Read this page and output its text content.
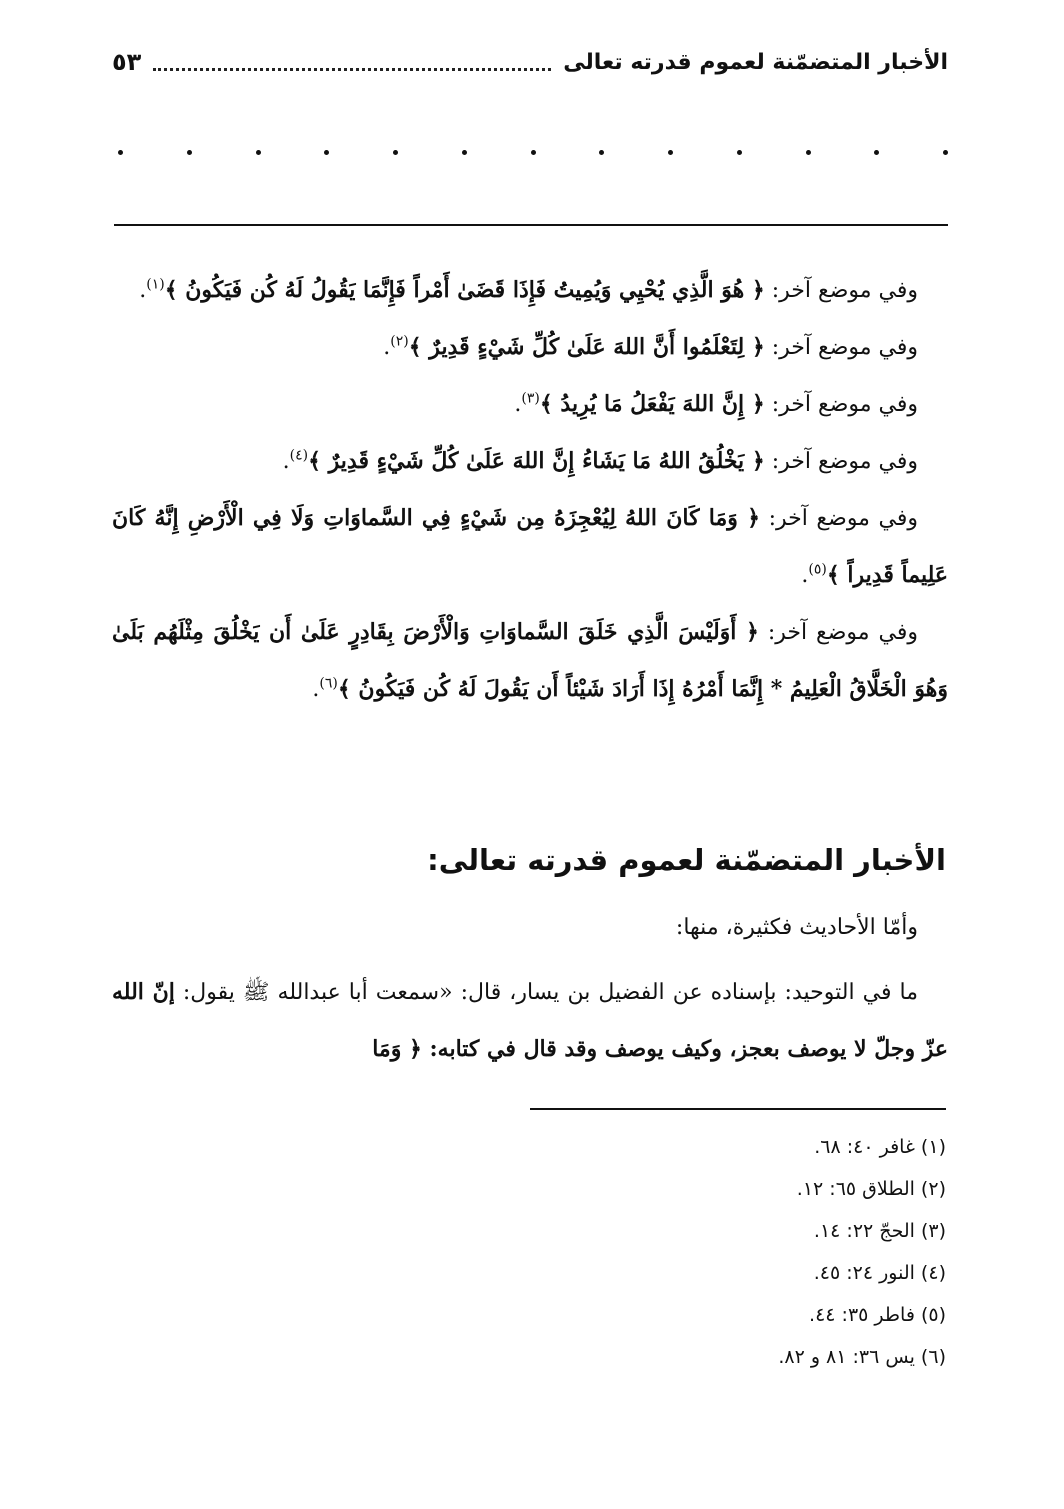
الأخبار المتضمّنة لعموم قدرته تعالى
٥٣

وفي موضع آخر: ﴿ هُوَ الَّذِي يُحْيِي وَيُمِيتُ فَإِذَا قَضَىٰ أَمْراً فَإِنَّمَا يَقُولُ لَهُ كُن فَيَكُونُ ﴾$^{(١)}$.

وفي موضع آخر: ﴿ لِتَعْلَمُوا أَنَّ اللهَ عَلَىٰ كُلِّ شَيْءٍ قَدِيرٌ ﴾$^{(٢)}$.

وفي موضع آخر: ﴿ إِنَّ اللهَ يَفْعَلُ مَا يُرِيدُ ﴾$^{(٣)}$.

وفي موضع آخر: ﴿ يَخْلُقُ اللهُ مَا يَشَاءُ إِنَّ اللهَ عَلَىٰ كُلِّ شَيْءٍ قَدِيرٌ ﴾$^{(٤)}$.

وفي موضع آخر: ﴿ وَمَا كَانَ اللهُ لِيُعْجِزَهُ مِن شَيْءٍ فِي السَّماوَاتِ وَلَا فِي الْأَرْضِ إِنَّهُ كَانَ عَلِيماً قَدِيراً ﴾$^{(٥)}$.

وفي موضع آخر: ﴿ أَوَلَيْسَ الَّذِي خَلَقَ السَّماوَاتِ وَالْأَرْضَ بِقَادِرٍ عَلَىٰ أَن يَخْلُقَ مِثْلَهُم بَلَىٰ وَهُوَ الْخَلَّاقُ الْعَلِيمُ * إِنَّمَا أَمْرُهُ إِذَا أَرَادَ شَيْئاً أَن يَقُولَ لَهُ كُن فَيَكُونُ ﴾$^{(٦)}$.

الأخبار المتضمّنة لعموم قدرته تعالى:

وأمّا الأحاديث فكثيرة، منها:

ما في التوحيد: بإسناده عن الفضيل بن يسار، قال: «سمعت أبا عبدالله ﷺ يقول: إنّ الله عزّ وجلّ لا يوصف بعجز، وكيف يوصف وقد قال في كتابه: ﴿ وَمَا

(١) غافر ٤٠: ٦٨.
(٢) الطلاق ٦٥: ١٢.
(٣) الحجّ ٢٢: ١٤.
(٤) النور ٢٤: ٤٥.
(٥) فاطر ٣٥: ٤٤.
(٦) يس ٣٦: ٨١ و ٨٢.
